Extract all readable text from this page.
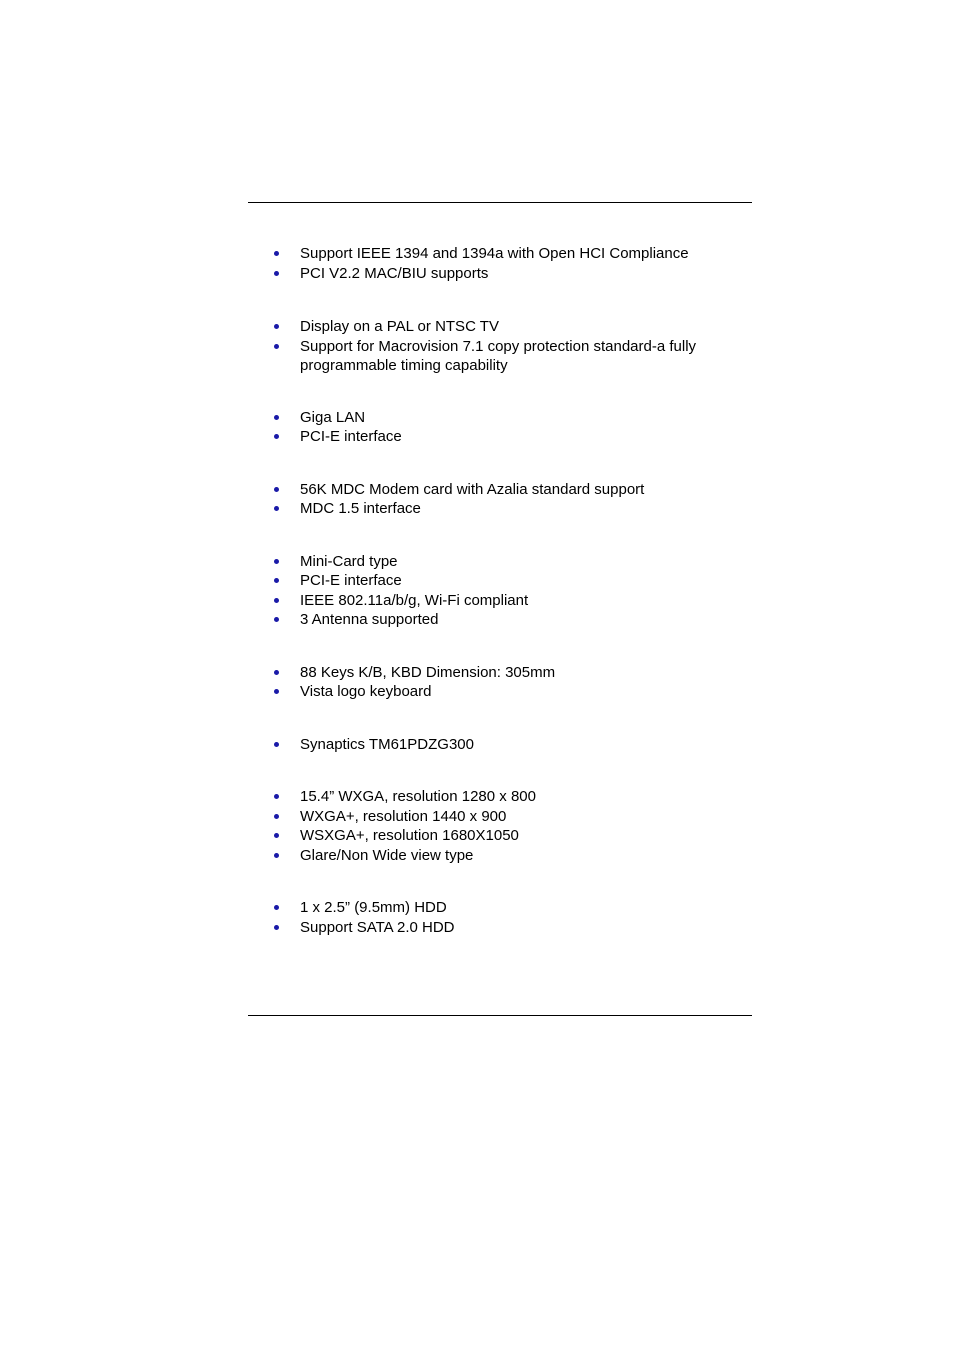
Support IEEE 1394 and 1394a with Open HCI Compliance
PCI V2.2 MAC/BIU supports
Display on a PAL or NTSC TV
Support for Macrovision 7.1 copy protection standard-a fully programmable timing capability
Giga LAN
PCI-E interface
56K MDC Modem card with Azalia standard support
MDC 1.5 interface
Mini-Card type
PCI-E interface
IEEE 802.11a/b/g, Wi-Fi compliant
3 Antenna supported
88 Keys K/B, KBD Dimension: 305mm
Vista logo keyboard
Synaptics TM61PDZG300
15.4” WXGA, resolution 1280 x 800
WXGA+, resolution 1440 x 900
WSXGA+, resolution 1680X1050
Glare/Non Wide view type
1 x 2.5” (9.5mm) HDD
Support SATA 2.0 HDD
